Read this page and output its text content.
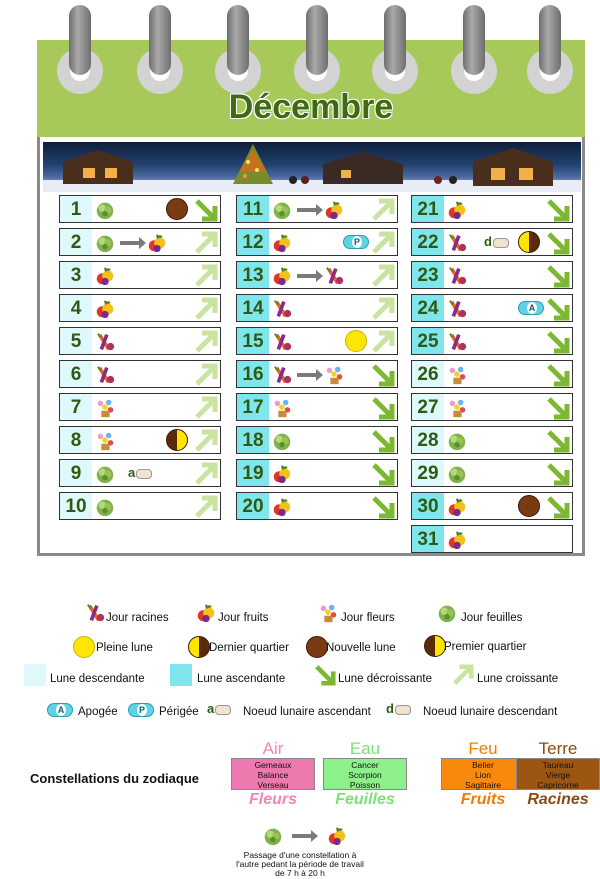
Décembre
1
2
3
4
5
6
7
8
9	a
10
11
12	P
13
14
15
16
17
18
19
20
21
22	d
23
24	A
25
26
27
28
29
30
31
Jour racines	Jour fruits	Jour fleurs	Jour feuilles
Pleine lune	Dernier quartier	Nouvelle lune	Premier quartier
Lune descendante	Lune ascendante	Lune décroissante	Lune croissante
A Apogée P Périgée a	Noeud lunaire ascendant d	Noeud lunaire descendant
Constellations du zodiaque
Air
Gemeaux
Balance
Verseau
Fleurs
Eau
Cancer
Scorpion
Poisson
Feuilles
Feu
Belier
Lion
Sagittaire
Fruits
Terre
Taureau
Vierge
Capricorne
Racines
Passage d'une constellation à
l'autre pedant la période de travail
de 7 h à 20 h
